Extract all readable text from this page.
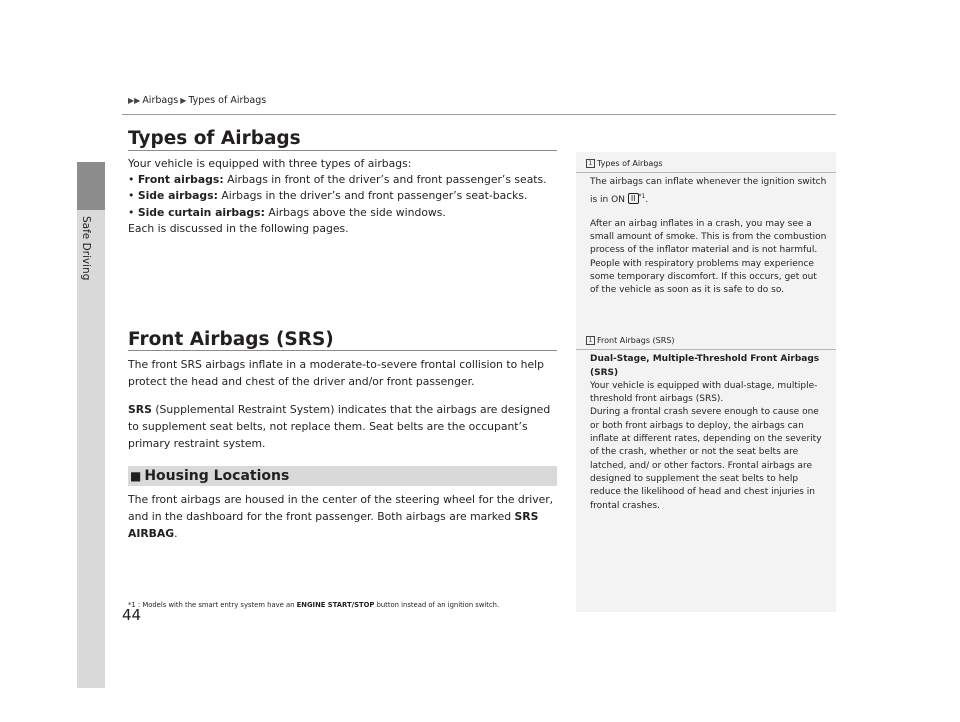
Safe Driving
44
▶▶ Airbags ▶ Types of Airbags
Types of Airbags

Your vehicle is equipped with three types of airbags:

• Front airbags: Airbags in front of the driver’s and front passenger’s seats.

• Side airbags: Airbags in the driver’s and front passenger’s seat-backs.

• Side curtain airbags: Airbags above the side windows.

Each is discussed in the following pages.

Front Airbags (SRS)

The front SRS airbags inflate in a moderate-to-severe frontal collision to help protect the head and chest of the driver and/or front passenger.

SRS (Supplemental Restraint System) indicates that the airbags are designed to supplement seat belts, not replace them. Seat belts are the occupant’s primary restraint system.

■ Housing Locations

The front airbags are housed in the center of the steering wheel for the driver, and in the dashboard for the front passenger. Both airbags are marked SRS AIRBAG.

*1 : Models with the smart entry system have an ENGINE START/STOP button instead of an ignition switch.
1 Types of Airbags

The airbags can inflate whenever the ignition switch is in ON II $^{*1}$.

After an airbag inflates in a crash, you may see a small amount of smoke. This is from the combustion process of the inflator material and is not harmful. People with respiratory problems may experience some temporary discomfort. If this occurs, get out of the vehicle as soon as it is safe to do so.

1 Front Airbags (SRS)

Dual-Stage, Multiple-Threshold Front Airbags (SRS)

Your vehicle is equipped with dual-stage, multiple-threshold front airbags (SRS).

During a frontal crash severe enough to cause one or both front airbags to deploy, the airbags can inflate at different rates, depending on the severity of the crash, whether or not the seat belts are latched, and/ or other factors. Frontal airbags are designed to supplement the seat belts to help reduce the likelihood of head and chest injuries in frontal crashes.
